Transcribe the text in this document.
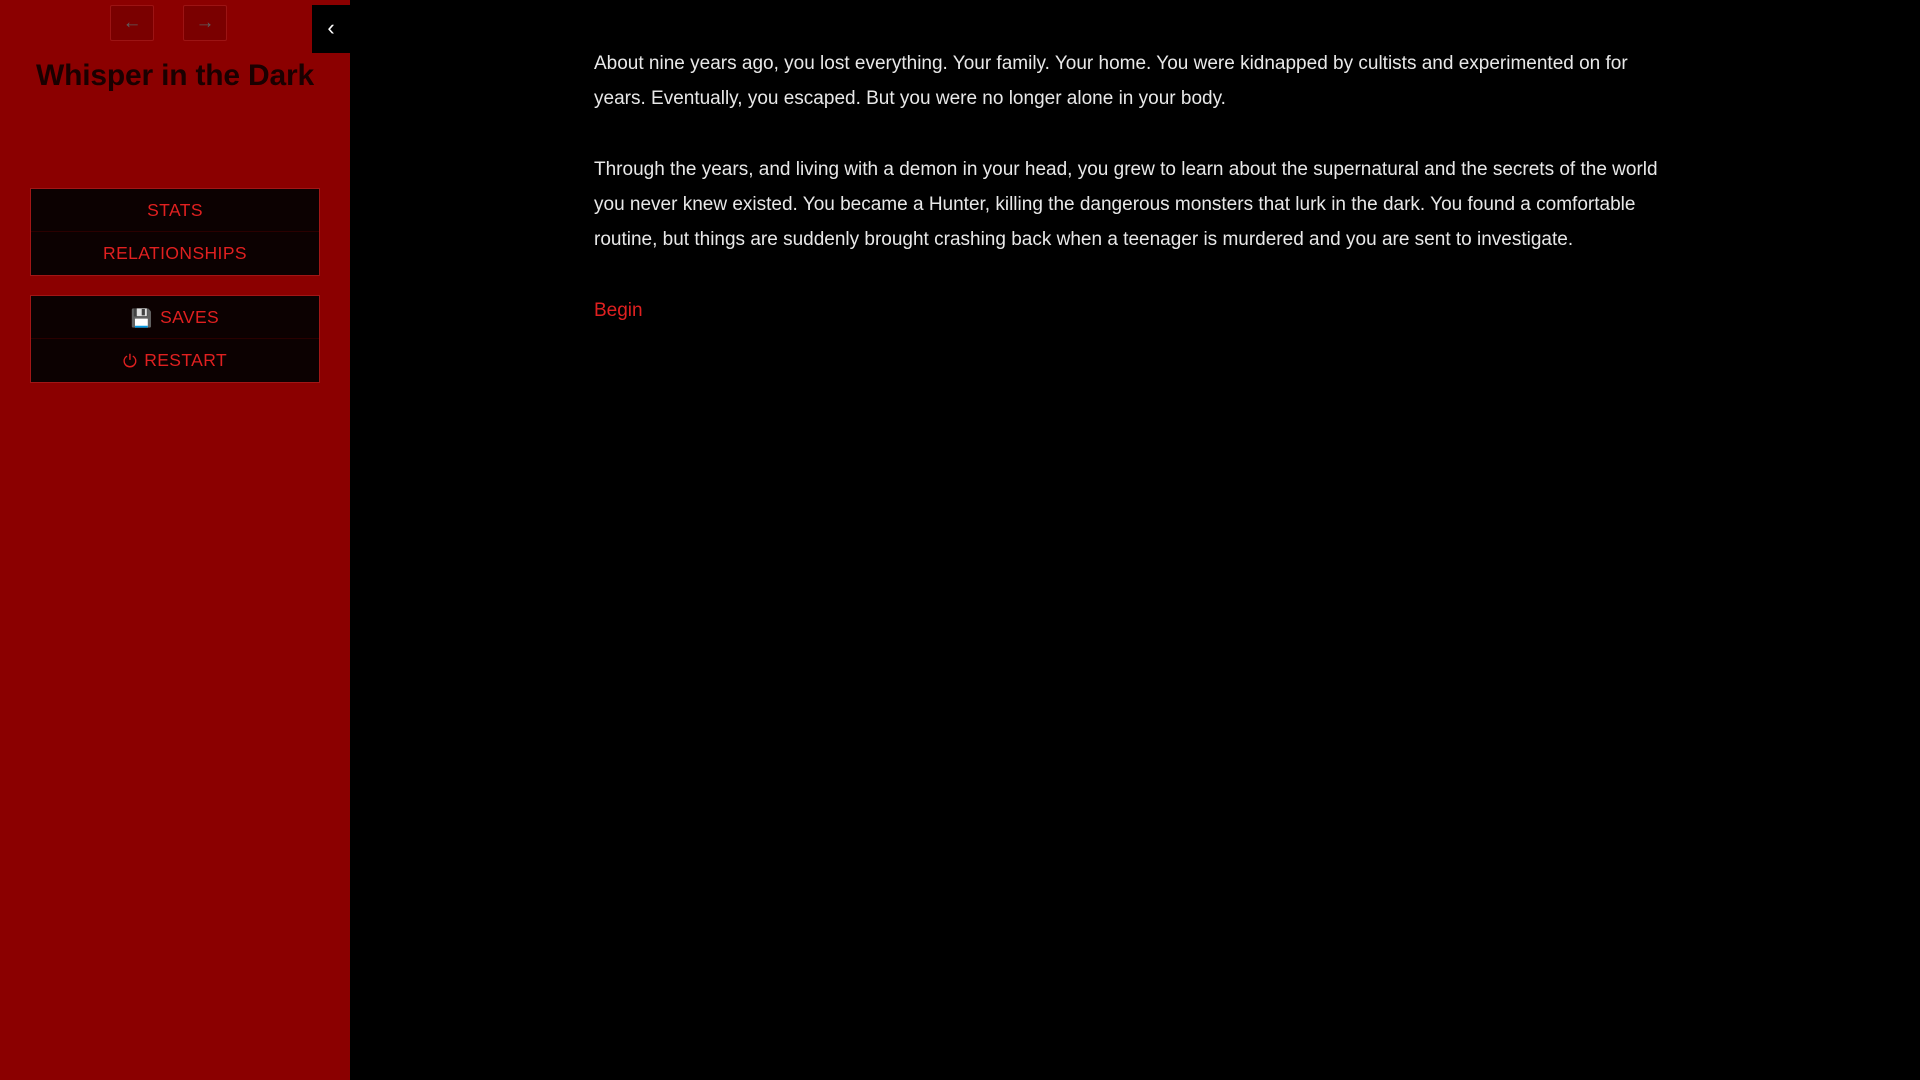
←	→	‹
Whisper in the Dark
STATS
RELATIONSHIPS
💾 SAVES
⏻ RESTART

About nine years ago, you lost everything. Your family. Your home. You were kidnapped by cultists and experimented on for years. Eventually, you escaped. But you were no longer alone in your body.

Through the years, and living with a demon in your head, you grew to learn about the supernatural and the secrets of the world you never knew existed. You became a Hunter, killing the dangerous monsters that lurk in the dark. You found a comfortable routine, but things are suddenly brought crashing back when a teenager is murdered and you are sent to investigate.

Begin
